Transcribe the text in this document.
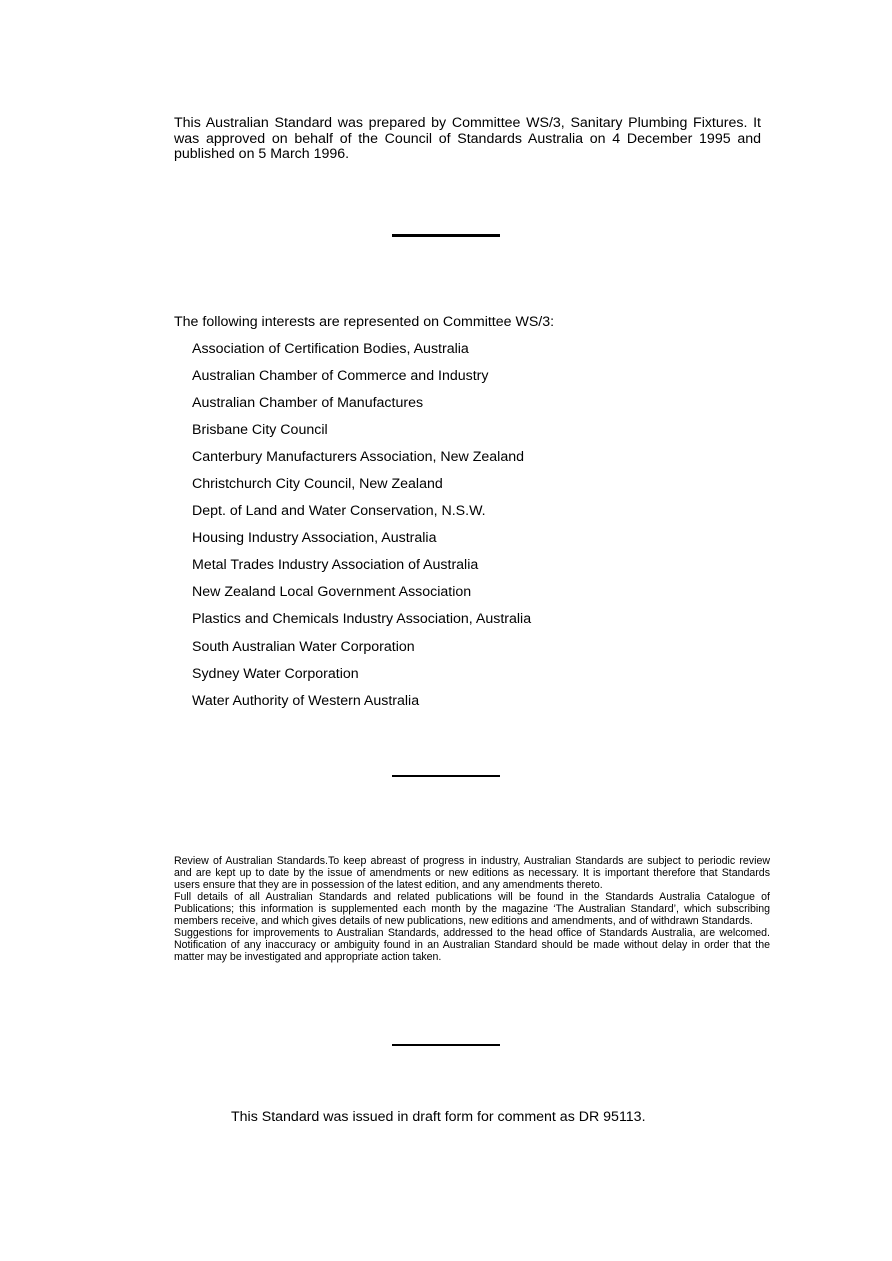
This Australian Standard was prepared by Committee WS/3, Sanitary Plumbing Fixtures. It was approved on behalf of the Council of Standards Australia on 4 December 1995 and published on 5 March 1996.
The following interests are represented on Committee WS/3:
Association of Certification Bodies, Australia
Australian Chamber of Commerce and Industry
Australian Chamber of Manufactures
Brisbane City Council
Canterbury Manufacturers Association, New Zealand
Christchurch City Council, New Zealand
Dept. of Land and Water Conservation, N.S.W.
Housing Industry Association, Australia
Metal Trades Industry Association of Australia
New Zealand Local Government Association
Plastics and Chemicals Industry Association, Australia
South Australian Water Corporation
Sydney Water Corporation
Water Authority of Western Australia

Review of Australian Standards.To keep abreast of progress in industry, Australian Standards are subject to periodic review and are kept up to date by the issue of amendments or new editions as necessary. It is important therefore that Standards users ensure that they are in possession of the latest edition, and any amendments thereto.

Full details of all Australian Standards and related publications will be found in the Standards Australia Catalogue of Publications; this information is supplemented each month by the magazine ‘The Australian Standard’, which subscribing members receive, and which gives details of new publications, new editions and amendments, and of withdrawn Standards.

Suggestions for improvements to Australian Standards, addressed to the head office of Standards Australia, are welcomed. Notification of any inaccuracy or ambiguity found in an Australian Standard should be made without delay in order that the matter may be investigated and appropriate action taken.

This Standard was issued in draft form for comment as DR 95113.
